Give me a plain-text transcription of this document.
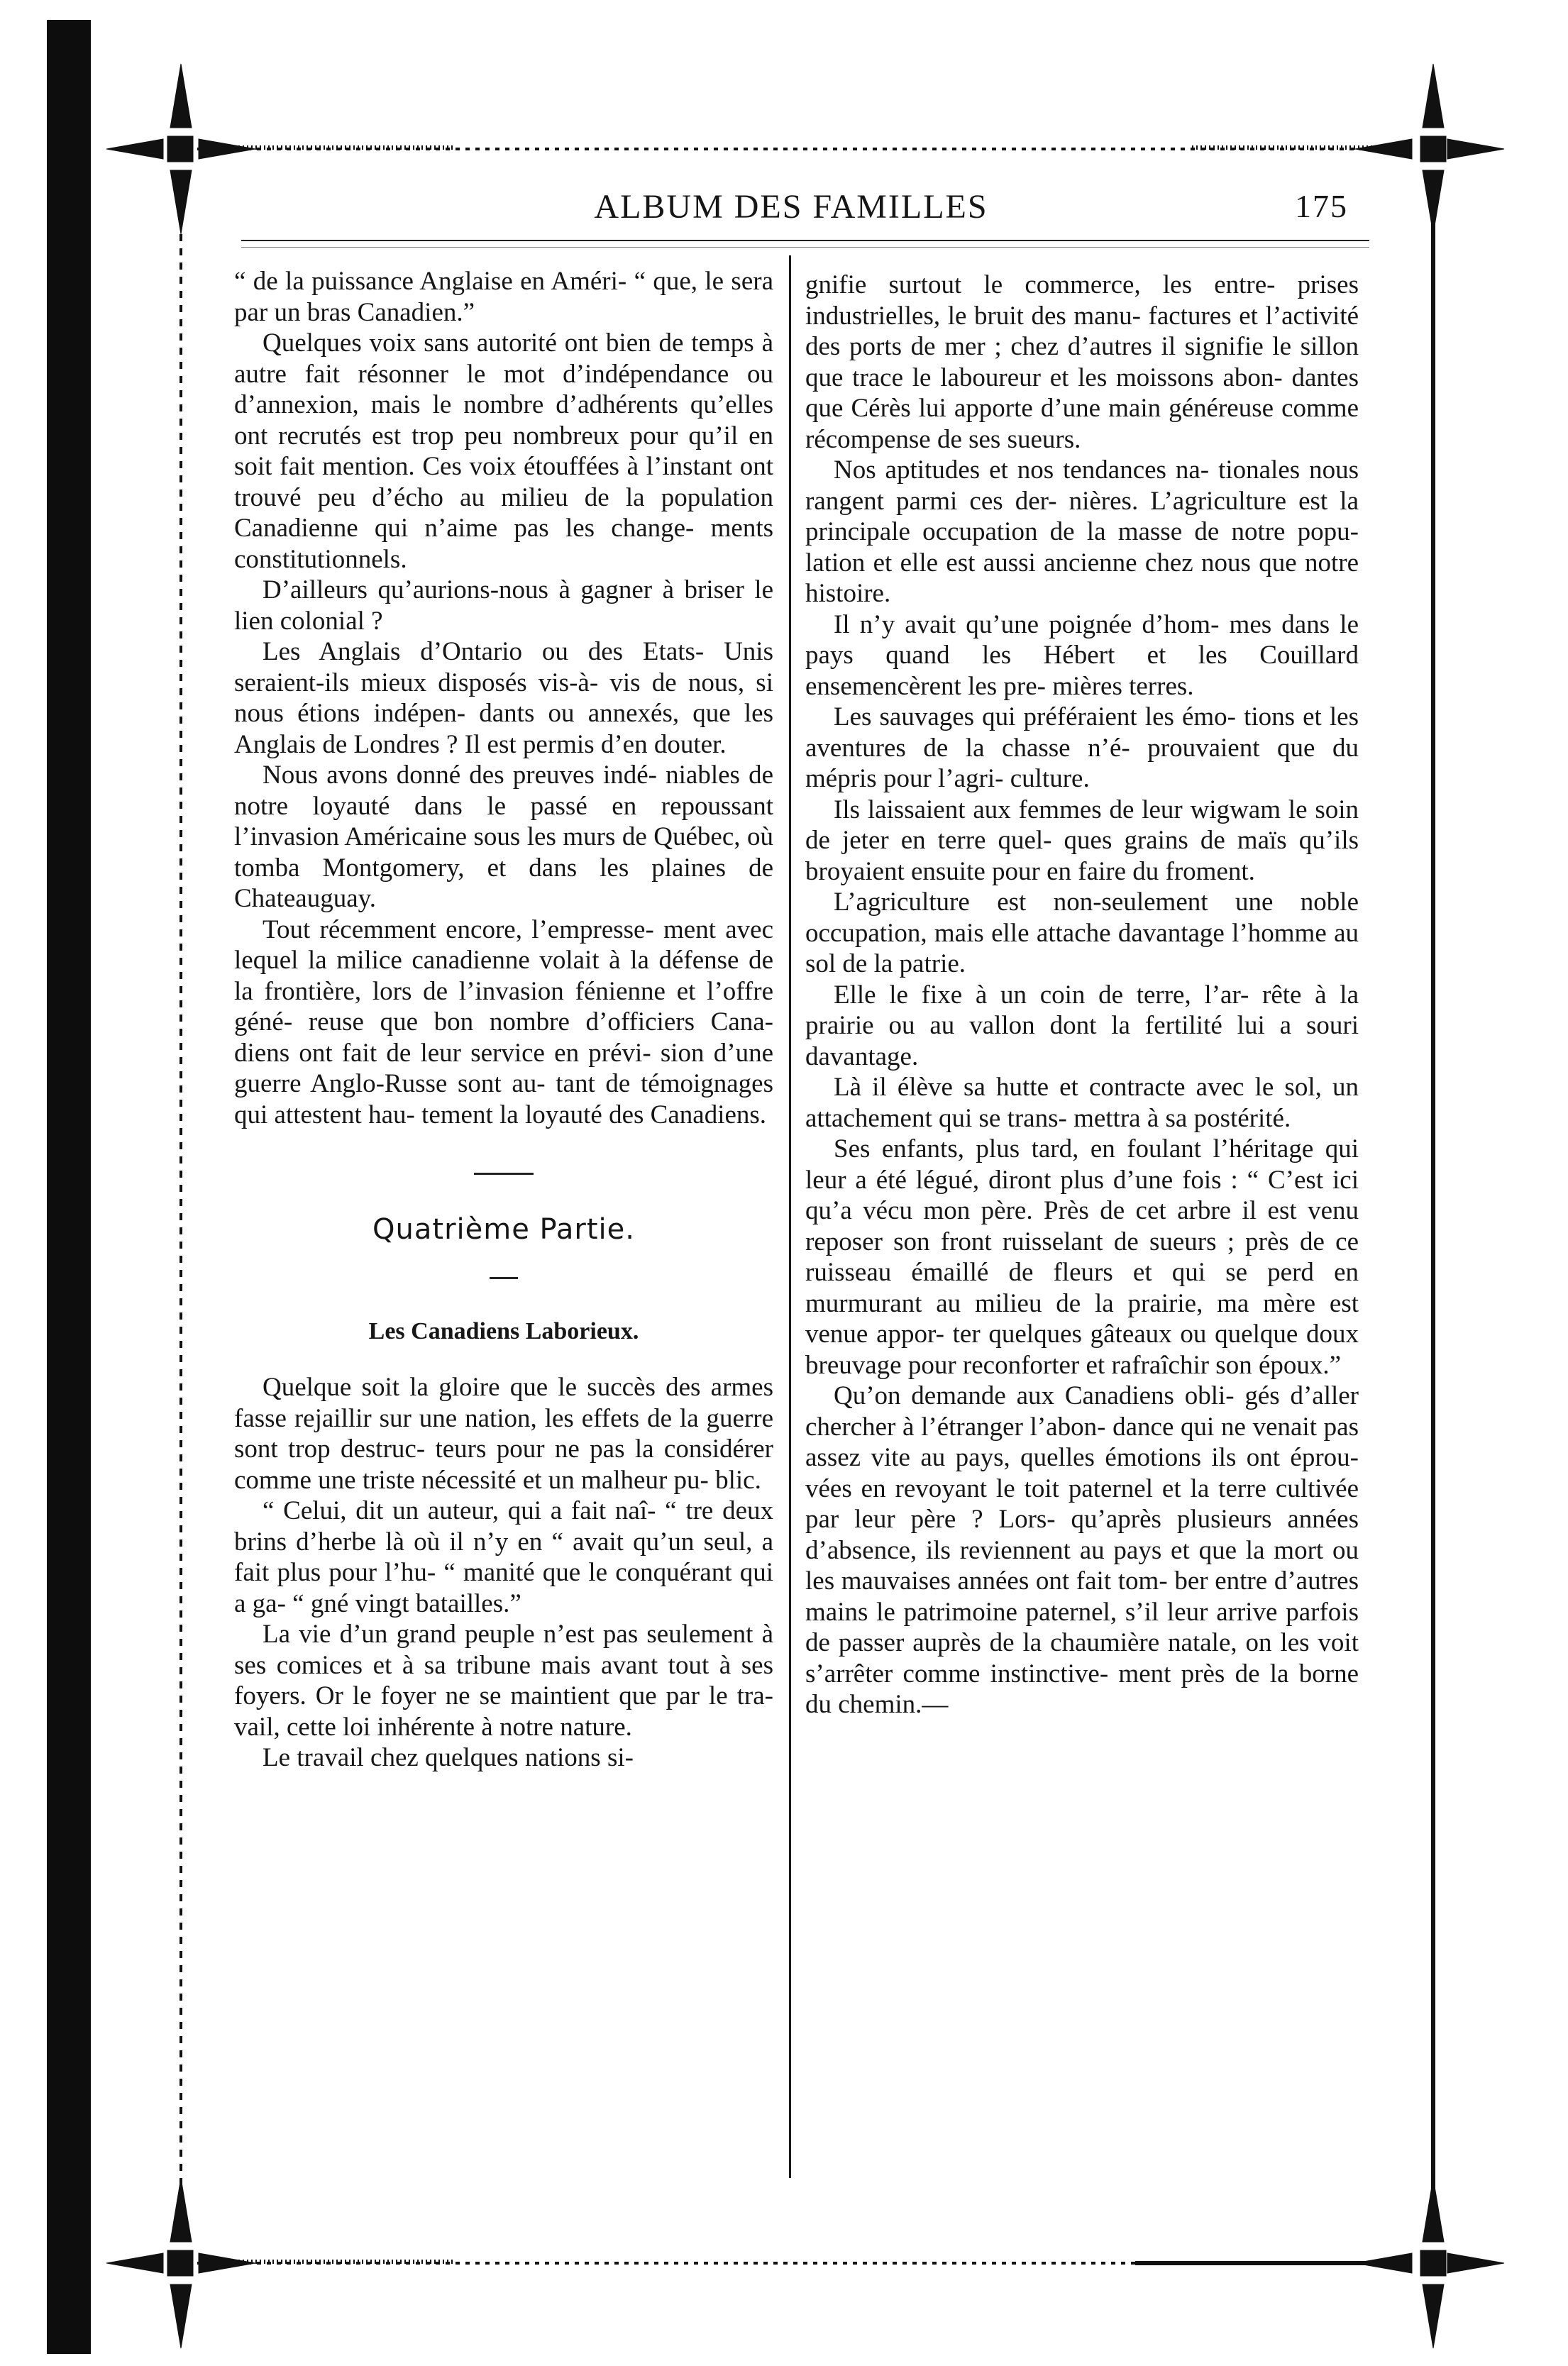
ALBUM DES FAMILLES	175

“ de la puissance Anglaise en Améri- “ que, le sera par un bras Canadien.”

Quelques voix sans autorité ont bien de temps à autre fait résonner le mot d’indépendance ou d’annexion, mais le nombre d’adhérents qu’elles ont recrutés est trop peu nombreux pour qu’il en soit fait mention. Ces voix étouffées à l’instant ont trouvé peu d’écho au milieu de la population Canadienne qui n’aime pas les change- ments constitutionnels.

D’ailleurs qu’aurions-nous à gagner à briser le lien colonial ?

Les Anglais d’Ontario ou des Etats- Unis seraient-ils mieux disposés vis-à- vis de nous, si nous étions indépen- dants ou annexés, que les Anglais de Londres ? Il est permis d’en douter.

Nous avons donné des preuves indé- niables de notre loyauté dans le passé en repoussant l’invasion Américaine sous les murs de Québec, où tomba Montgomery, et dans les plaines de Chateauguay.

Tout récemment encore, l’empresse- ment avec lequel la milice canadienne volait à la défense de la frontière, lors de l’invasion fénienne et l’offre géné- reuse que bon nombre d’officiers Cana- diens ont fait de leur service en prévi- sion d’une guerre Anglo-Russe sont au- tant de témoignages qui attestent hau- tement la loyauté des Canadiens.

Quatrième Partie.
Les Canadiens Laborieux.

Quelque soit la gloire que le succès des armes fasse rejaillir sur une nation, les effets de la guerre sont trop destruc- teurs pour ne pas la considérer comme une triste nécessité et un malheur pu- blic.

“ Celui, dit un auteur, qui a fait naî- “ tre deux brins d’herbe là où il n’y en “ avait qu’un seul, a fait plus pour l’hu- “ manité que le conquérant qui a ga- “ gné vingt batailles.”

La vie d’un grand peuple n’est pas seulement à ses comices et à sa tribune mais avant tout à ses foyers. Or le foyer ne se maintient que par le tra- vail, cette loi inhérente à notre nature.

Le travail chez quelques nations si-

gnifie surtout le commerce, les entre- prises industrielles, le bruit des manu- factures et l’activité des ports de mer ; chez d’autres il signifie le sillon que trace le laboureur et les moissons abon- dantes que Cérès lui apporte d’une main généreuse comme récompense de ses sueurs.

Nos aptitudes et nos tendances na- tionales nous rangent parmi ces der- nières. L’agriculture est la principale occupation de la masse de notre popu- lation et elle est aussi ancienne chez nous que notre histoire.

Il n’y avait qu’une poignée d’hom- mes dans le pays quand les Hébert et les Couillard ensemencèrent les pre- mières terres.

Les sauvages qui préféraient les émo- tions et les aventures de la chasse n’é- prouvaient que du mépris pour l’agri- culture.

Ils laissaient aux femmes de leur wigwam le soin de jeter en terre quel- ques grains de maïs qu’ils broyaient ensuite pour en faire du froment.

L’agriculture est non-seulement une noble occupation, mais elle attache davantage l’homme au sol de la patrie.

Elle le fixe à un coin de terre, l’ar- rête à la prairie ou au vallon dont la fertilité lui a souri davantage.

Là il élève sa hutte et contracte avec le sol, un attachement qui se trans- mettra à sa postérité.

Ses enfants, plus tard, en foulant l’héritage qui leur a été légué, diront plus d’une fois : “ C’est ici qu’a vécu mon père. Près de cet arbre il est venu reposer son front ruisselant de sueurs ; près de ce ruisseau émaillé de fleurs et qui se perd en murmurant au milieu de la prairie, ma mère est venue appor- ter quelques gâteaux ou quelque doux breuvage pour reconforter et rafraîchir son époux.”

Qu’on demande aux Canadiens obli- gés d’aller chercher à l’étranger l’abon- dance qui ne venait pas assez vite au pays, quelles émotions ils ont éprou- vées en revoyant le toit paternel et la terre cultivée par leur père ? Lors- qu’après plusieurs années d’absence, ils reviennent au pays et que la mort ou les mauvaises années ont fait tom- ber entre d’autres mains le patrimoine paternel, s’il leur arrive parfois de passer auprès de la chaumière natale, on les voit s’arrêter comme instinctive- ment près de la borne du chemin.—
